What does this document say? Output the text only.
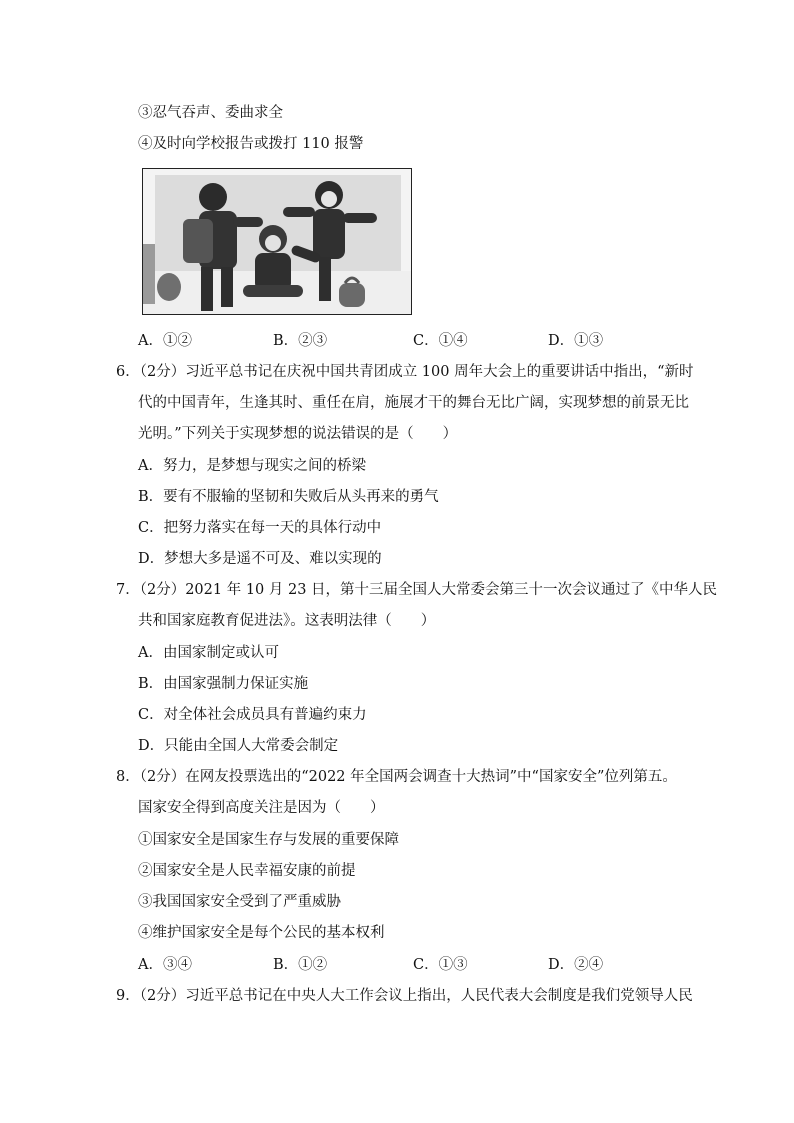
③忍气吞声、委曲求全
④及时向学校报告或拨打 110 报警
A．①②	B．②③	C．①④	D．①③
6．（2分）习近平总书记在庆祝中国共青团成立 100 周年大会上的重要讲话中指出，“新时
代的中国青年，生逢其时、重任在肩，施展才干的舞台无比广阔，实现梦想的前景无比
光明。”下列关于实现梦想的说法错误的是（　　）
A．努力，是梦想与现实之间的桥梁
B．要有不服输的坚韧和失败后从头再来的勇气
C．把努力落实在每一天的具体行动中
D．梦想大多是遥不可及、难以实现的
7．（2分）2021 年 10 月 23 日，第十三届全国人大常委会第三十一次会议通过了《中华人民
共和国家庭教育促进法》。这表明法律（　　）
A．由国家制定或认可
B．由国家强制力保证实施
C．对全体社会成员具有普遍约束力
D．只能由全国人大常委会制定
8．（2分）在网友投票选出的“2022 年全国两会调查十大热词”中“国家安全”位列第五。
国家安全得到高度关注是因为（　　）
①国家安全是国家生存与发展的重要保障
②国家安全是人民幸福安康的前提
③我国国家安全受到了严重威胁
④维护国家安全是每个公民的基本权利
A．③④	B．①②	C．①③	D．②④
9．（2分）习近平总书记在中央人大工作会议上指出，人民代表大会制度是我们党领导人民
